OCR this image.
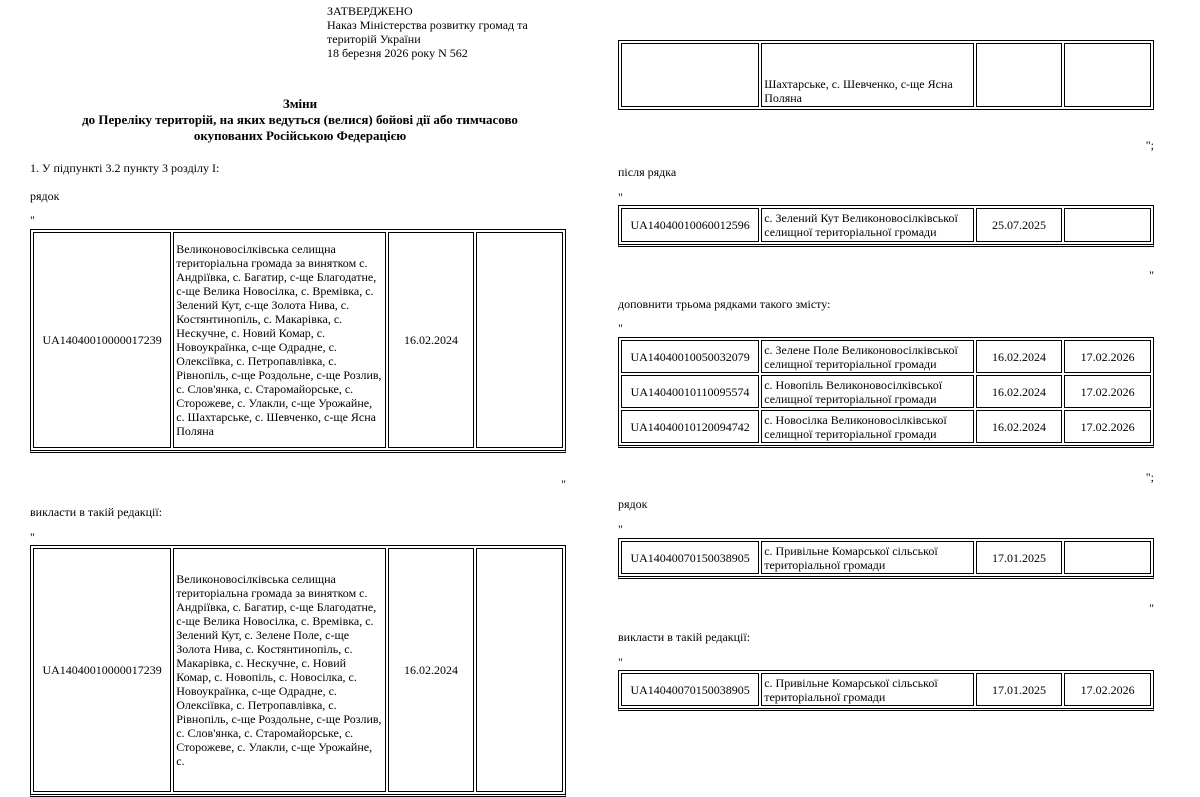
ЗАТВЕРДЖЕНО
Наказ Міністерства розвитку громад та
територій України
18 березня 2026 року N 562
Зміни
до Переліку територій, на яких ведуться (велися) бойові дії або тимчасово
окупованих Російською Федерацією
1. У підпункті 3.2 пункту 3 розділу I:
рядок
"
UA14040010000017239	Великоновосілківська селищна територіальна громада за винятком с. Андріївка, с. Багатир, с-ще Благодатне, с-ще Велика Новосілка, с. Времівка, с. Зелений Кут, с-ще Золота Нива, с. Костянтинопіль, с. Макарівка, с. Нескучне, с. Новий Комар, с. Новоукраїнка, с-ще Одрадне, с. Олексіївка, с. Петропавлівка, с. Рівнопіль, с-ще Роздольне, с-ще Розлив, с. Слов'янка, с. Старомайорське, с. Сторожеве, с. Улакли, с-ще Урожайне, с. Шахтарське, с. Шевченко, с-ще Ясна Поляна	16.02.2024	
"
викласти в такій редакції:
"
UA14040010000017239	Великоновосілківська селищна територіальна громада за винятком с. Андріївка, с. Багатир, с-ще Благодатне, с-ще Велика Новосілка, с. Времівка, с. Зелений Кут, с. Зелене Поле, с-ще Золота Нива, с. Костянтинопіль, с. Макарівка, с. Нескучне, с. Новий Комар, с. Новопіль, с. Новосілка, с. Новоукраїнка, с-ще Одрадне, с. Олексіївка, с. Петропавлівка, с. Рівнопіль, с-ще Роздольне, с-ще Розлив, с. Слов'янка, с. Старомайорське, с. Сторожеве, с. Улакли, с-ще Урожайне, с.	16.02.2024	
	Шахтарське, с. Шевченко, с-ще Ясна Поляна		
";
після рядка
"
UA14040010060012596	с. Зелений Кут Великоновосілківської селищної територіальної громади	25.07.2025	
"
доповнити трьома рядками такого змісту:
"
UA14040010050032079	с. Зелене Поле Великоновосілківської селищної територіальної громади	16.02.2024	17.02.2026
UA14040010110095574	с. Новопіль Великоновосілківської селищної територіальної громади	16.02.2024	17.02.2026
UA14040010120094742	с. Новосілка Великоновосілківської селищної територіальної громади	16.02.2024	17.02.2026
";
рядок
"
UA14040070150038905	с. Привільне Комарської сільської територіальної громади	17.01.2025	
"
викласти в такій редакції:
"
UA14040070150038905	с. Привільне Комарської сільської територіальної громади	17.01.2025	17.02.2026
